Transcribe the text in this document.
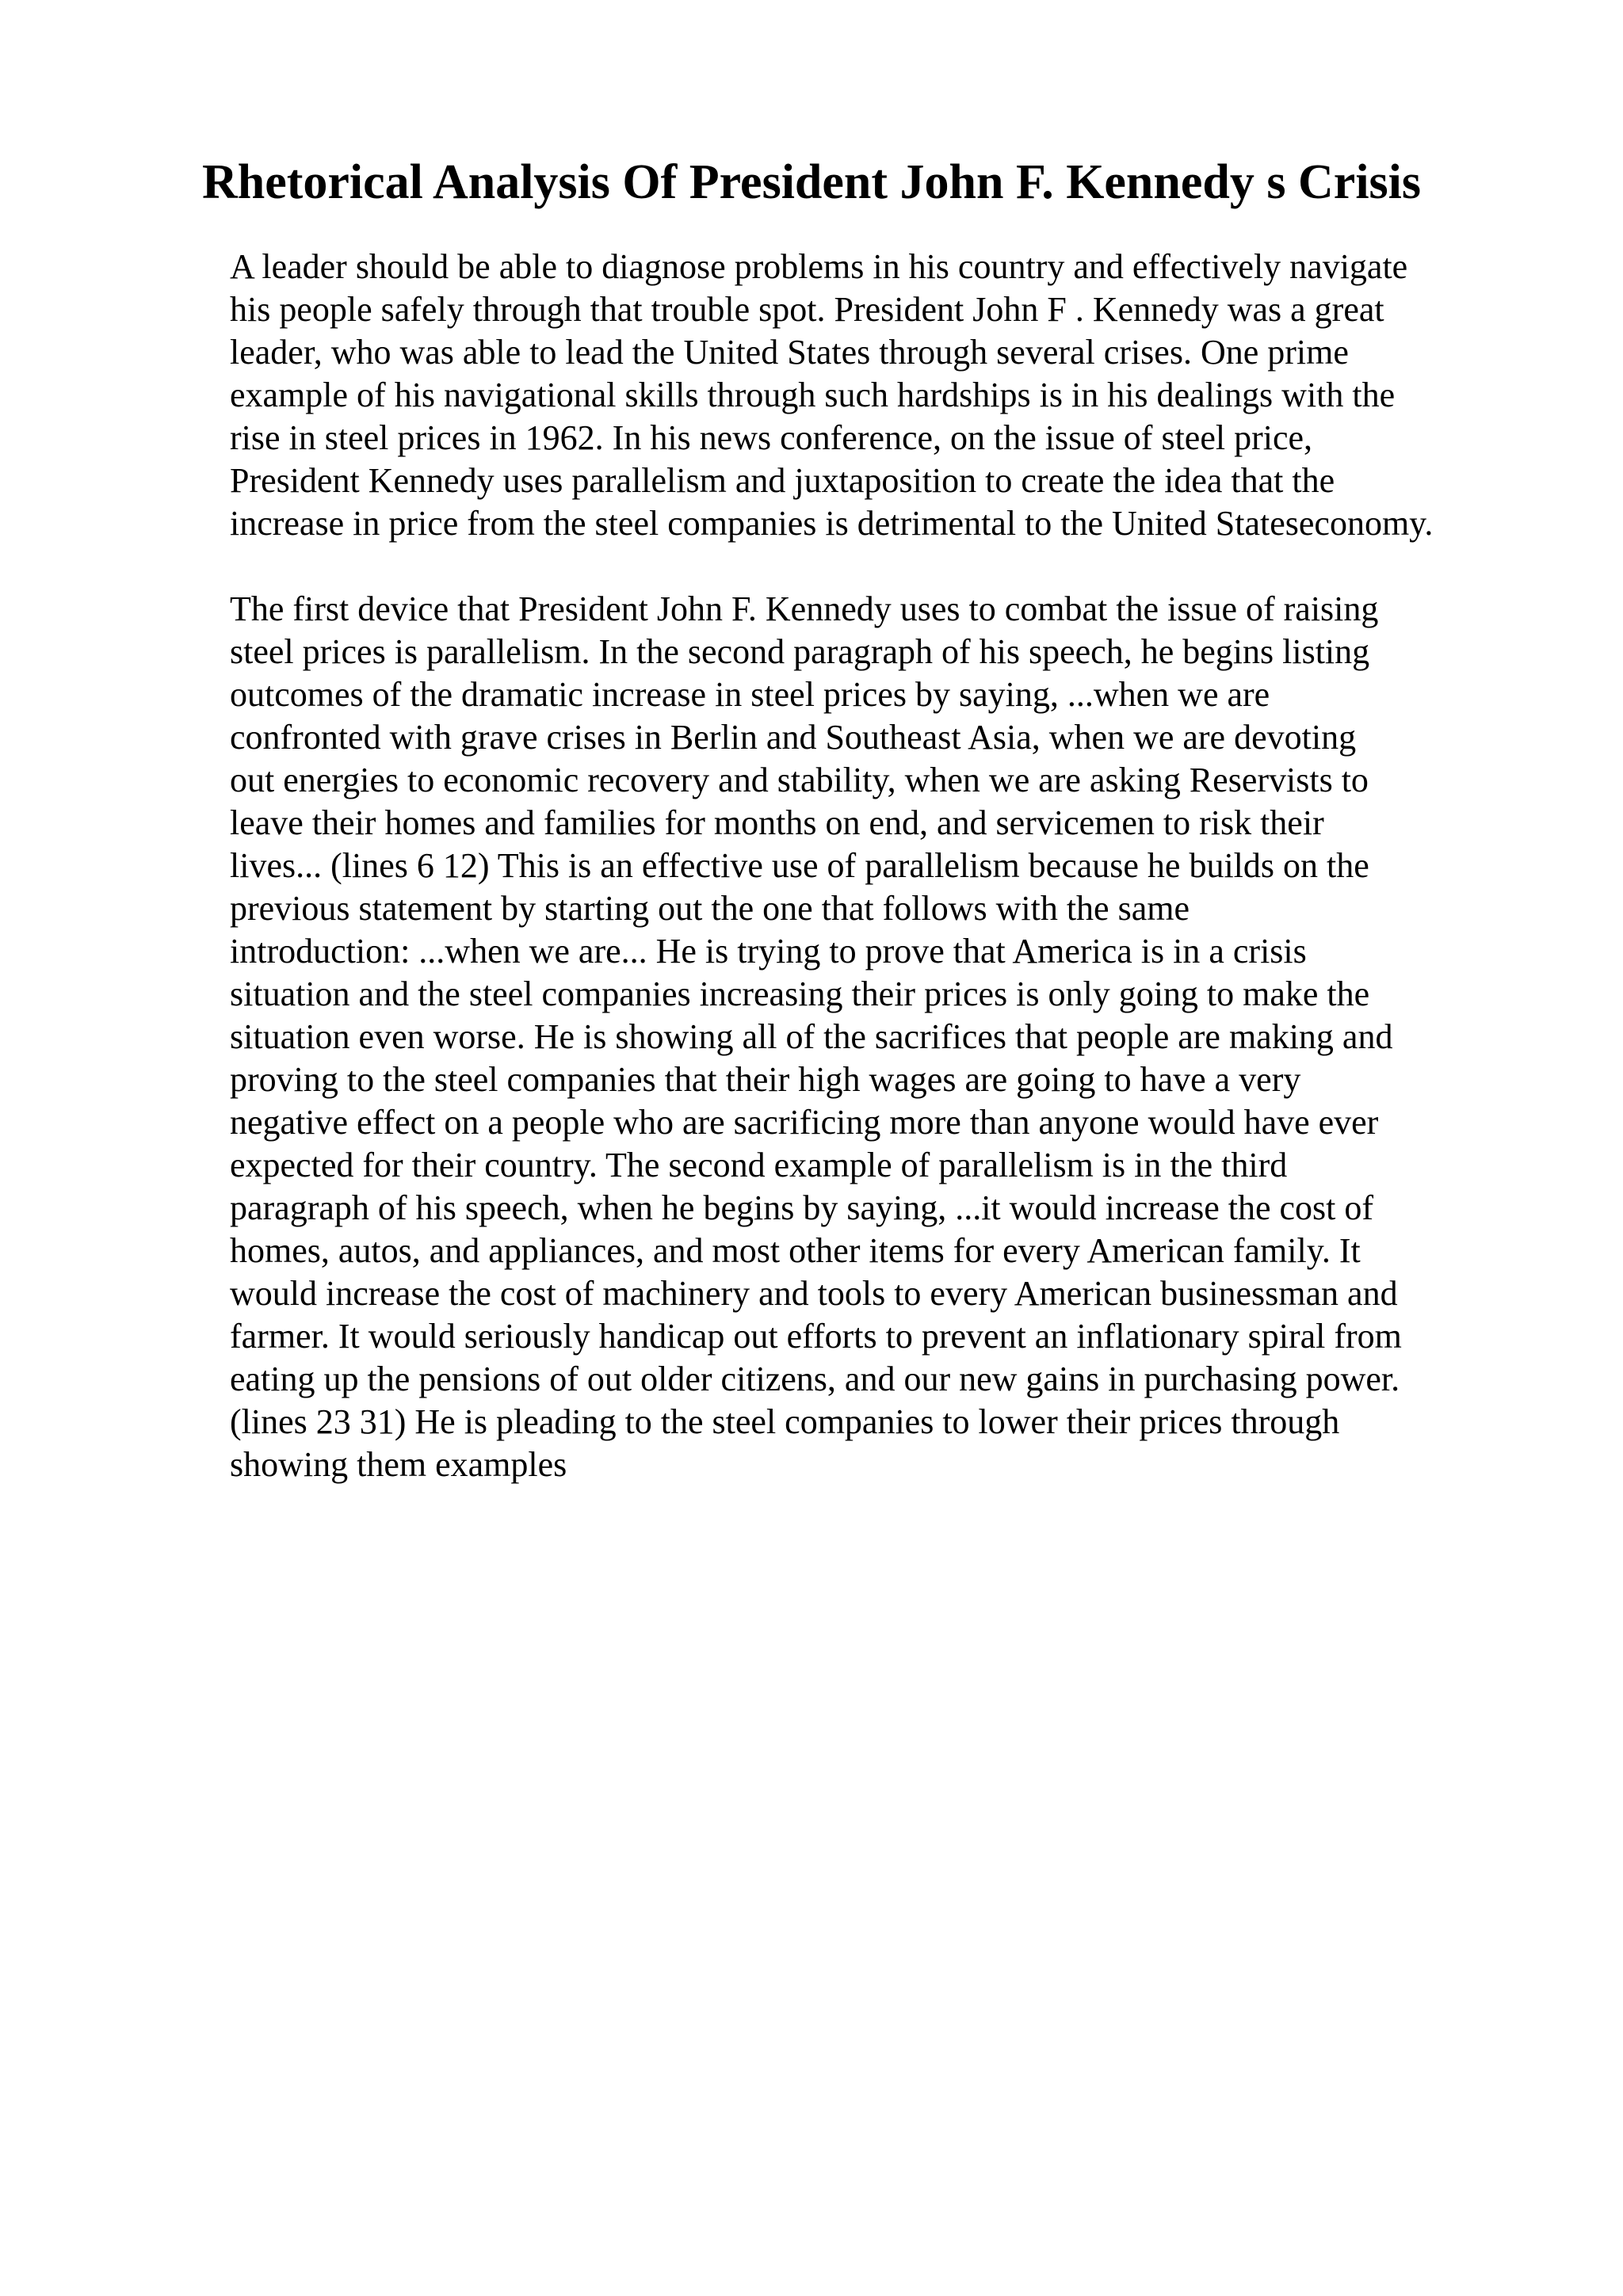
Rhetorical Analysis Of President John F. Kennedy s Crisis

A leader should be able to diagnose problems in his country and effectively navigate
his people safely through that trouble spot. President John F . Kennedy was a great
leader, who was able to lead the United States through several crises. One prime
example of his navigational skills through such hardships is in his dealings with the
rise in steel prices in 1962. In his news conference, on the issue of steel price,
President Kennedy uses parallelism and juxtaposition to create the idea that the
increase in price from the steel companies is detrimental to the United Stateseconomy.

The first device that President John F. Kennedy uses to combat the issue of raising
steel prices is parallelism. In the second paragraph of his speech, he begins listing
outcomes of the dramatic increase in steel prices by saying, ...when we are
confronted with grave crises in Berlin and Southeast Asia, when we are devoting
out energies to economic recovery and stability, when we are asking Reservists to
leave their homes and families for months on end, and servicemen to risk their
lives... (lines 6 12) This is an effective use of parallelism because he builds on the
previous statement by starting out the one that follows with the same
introduction: ...when we are... He is trying to prove that America is in a crisis
situation and the steel companies increasing their prices is only going to make the
situation even worse. He is showing all of the sacrifices that people are making and
proving to the steel companies that their high wages are going to have a very
negative effect on a people who are sacrificing more than anyone would have ever
expected for their country. The second example of parallelism is in the third
paragraph of his speech, when he begins by saying, ...it would increase the cost of
homes, autos, and appliances, and most other items for every American family. It
would increase the cost of machinery and tools to every American businessman and
farmer. It would seriously handicap out efforts to prevent an inflationary spiral from
eating up the pensions of out older citizens, and our new gains in purchasing power.
(lines 23 31) He is pleading to the steel companies to lower their prices through
showing them examples
